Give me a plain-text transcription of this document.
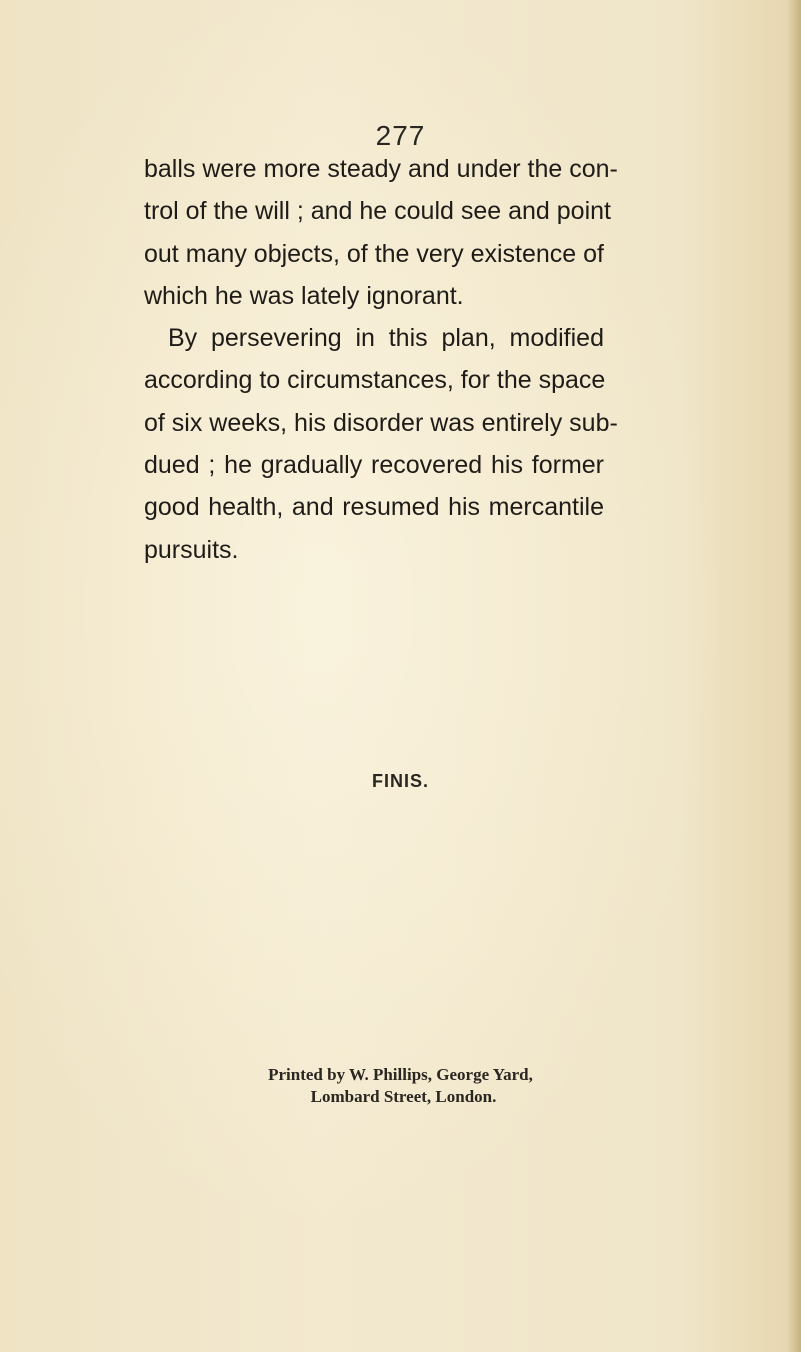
277
balls were more steady and under the con-
trol of the will ; and he could see and point
out many objects, of the very existence of
which he was lately ignorant.
By persevering in this plan, modified
according to circumstances, for the space
of six weeks, his disorder was entirely sub-
dued ; he gradually recovered his former
good health, and resumed his mercantile
pursuits.
FINIS.
Printed by W. Phillips, George Yard,
Lombard Street, London.
